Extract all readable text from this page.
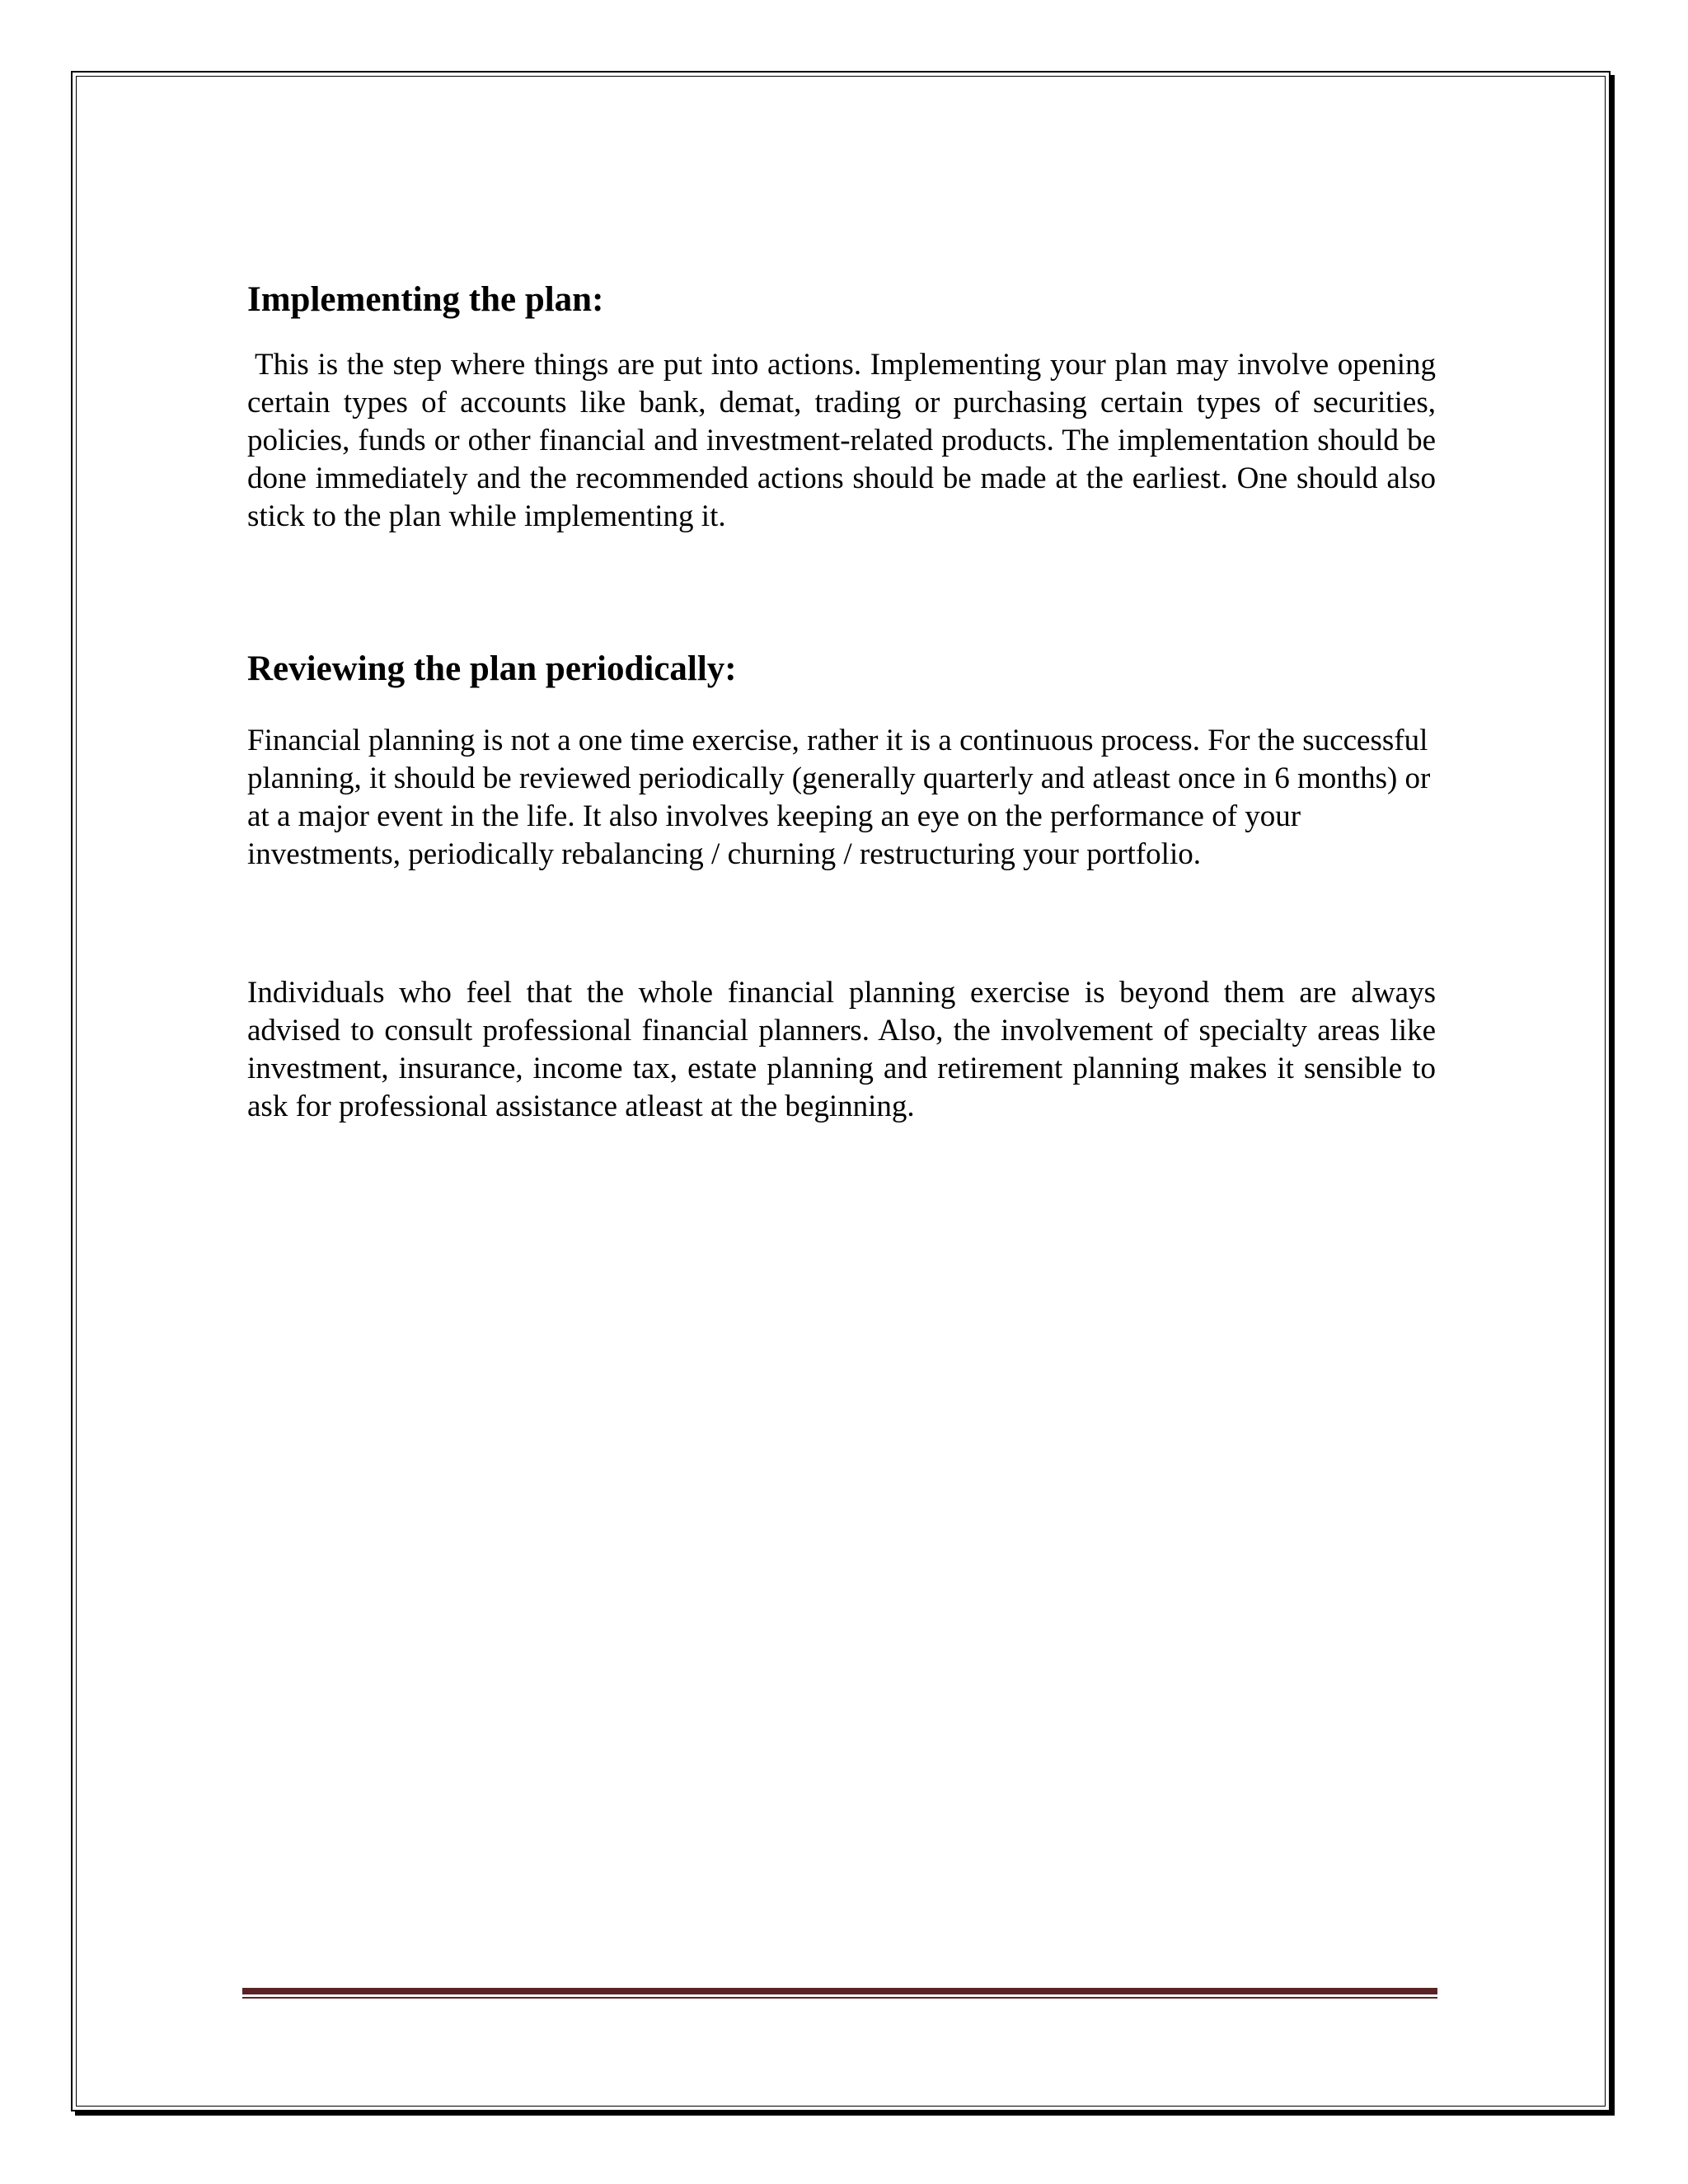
Implementing the plan:

This is the step where things are put into actions. Implementing your plan may involve opening certain types of accounts like bank, demat, trading or purchasing certain types of securities, policies, funds or other financial and investment-related products. The implementation should be done immediately and the recommended actions should be made at the earliest. One should also stick to the plan while implementing it.

Reviewing the plan periodically:

Financial planning is not a one time exercise, rather it is a continuous process. For the successful planning, it should be reviewed periodically (generally quarterly and atleast once in 6 months) or at a major event in the life. It also involves keeping an eye on the performance of your investments, periodically rebalancing / churning / restructuring your portfolio.

Individuals who feel that the whole financial planning exercise is beyond them are always advised to consult professional financial planners. Also, the involvement of specialty areas like investment, insurance, income tax, estate planning and retirement planning makes it sensible to ask for professional assistance atleast at the beginning.
